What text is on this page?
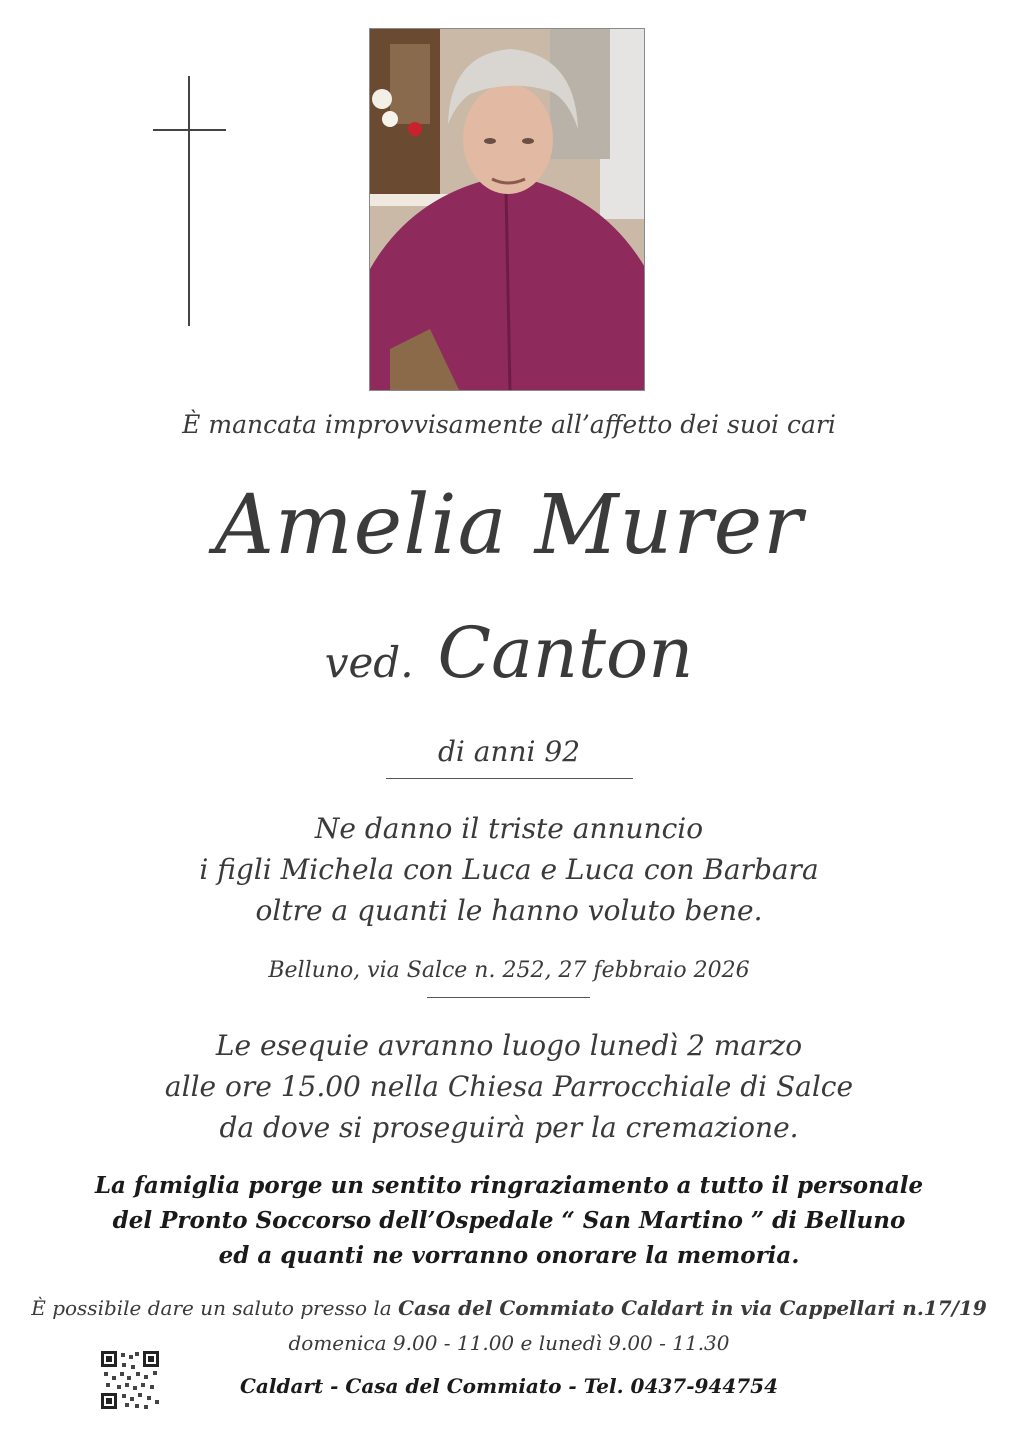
È mancata improvvisamente all’affetto dei suoi cari
Amelia Murer
ved. Canton
di anni 92
Ne danno il triste annuncio
i figli Michela con Luca e Luca con Barbara
oltre a quanti le hanno voluto bene.
Belluno, via Salce n. 252, 27 febbraio 2026
Le esequie avranno luogo lunedì 2 marzo
alle ore 15.00 nella Chiesa Parrocchiale di Salce
da dove si proseguirà per la cremazione.
La famiglia porge un sentito ringraziamento a tutto il personale
del Pronto Soccorso dell’Ospedale “ San Martino ” di Belluno
ed a quanti ne vorranno onorare la memoria.
È possibile dare un saluto presso la Casa del Commiato Caldart in via Cappellari n.17/19
domenica 9.00 - 11.00 e lunedì 9.00 - 11.30
Caldart - Casa del Commiato - Tel. 0437-944754
